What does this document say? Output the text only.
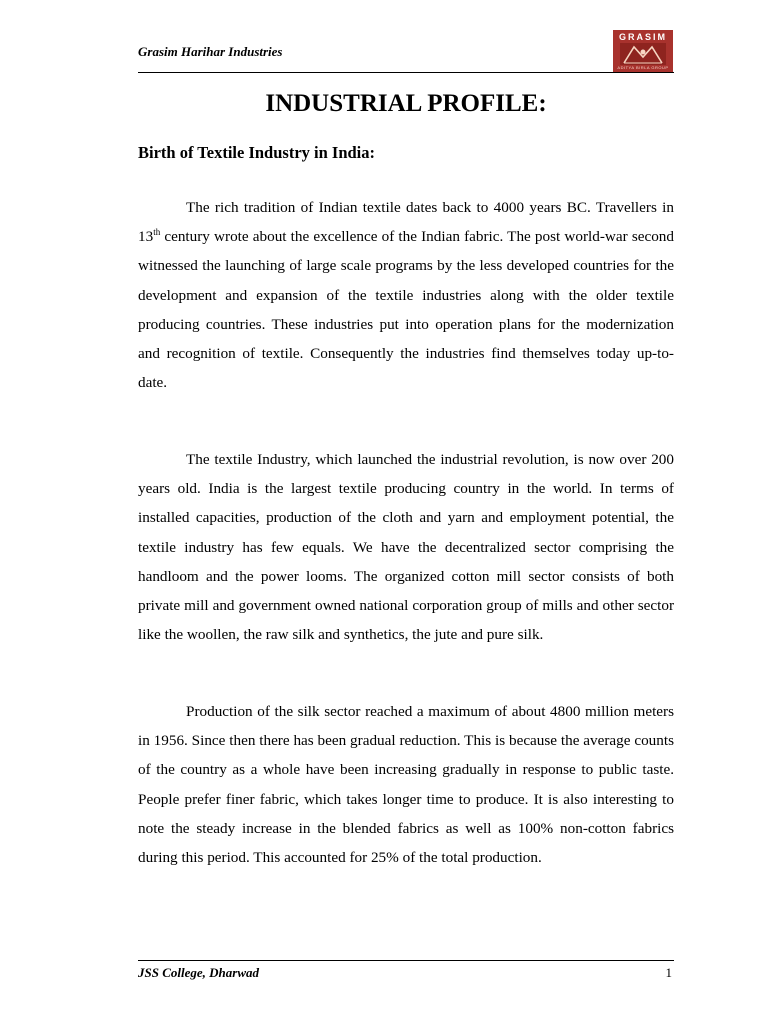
Grasim Harihar Industries
GRASIM
ADITYA BIRLA GROUP
INDUSTRIAL PROFILE:
Birth of Textile Industry in India:

The rich tradition of Indian textile dates back to 4000 years BC. Travellers in 13th century wrote about the excellence of the Indian fabric. The post world-war second witnessed the launching of large scale programs by the less developed countries for the development and expansion of the textile industries along with the older textile producing countries. These industries put into operation plans for the modernization and recognition of textile. Consequently the industries find themselves today up-to-date.

The textile Industry, which launched the industrial revolution, is now over 200 years old. India is the largest textile producing country in the world. In terms of installed capacities, production of the cloth and yarn and employment potential, the textile industry has few equals. We have the decentralized sector comprising the handloom and the power looms. The organized cotton mill sector consists of both private mill and government owned national corporation group of mills and other sector like the woollen, the raw silk and synthetics, the jute and pure silk.

Production of the silk sector reached a maximum of about 4800 million meters in 1956. Since then there has been gradual reduction. This is because the average counts of the country as a whole have been increasing gradually in response to public taste. People prefer finer fabric, which takes longer time to produce. It is also interesting to note the steady increase in the blended fabrics as well as 100% non-cotton fabrics during this period. This accounted for 25% of the total production.

JSS College, Dharwad	1
